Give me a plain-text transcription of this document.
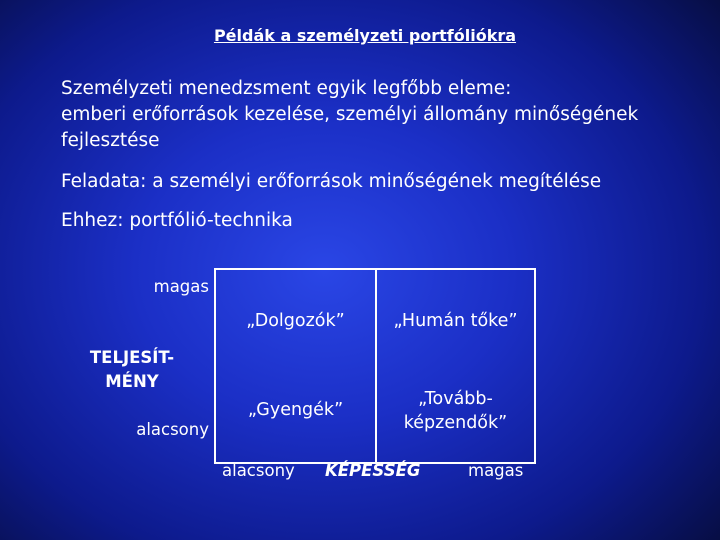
Példák a személyzeti portfóliókra
Személyzeti menedzsment egyik legfőbb eleme:
emberi erőforrások kezelése, személyi állomány minőségének
fejlesztése
Feladata: a személyi erőforrások minőségének megítélése
Ehhez: portfólió-technika
„Dolgozók”	„Humán tőke”
„Gyengék”
„Tovább-
képzendők”
magas
TELJESÍT-
MÉNY
alacsony
alacsony KÉPESSÉG	magas
